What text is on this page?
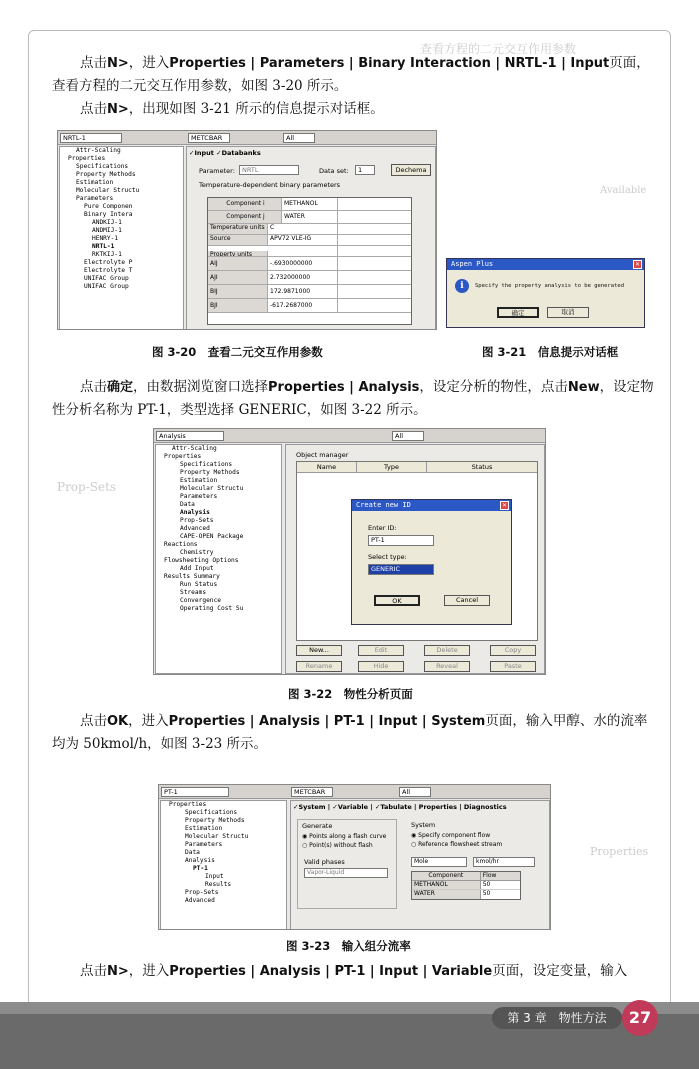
查看方程的二元交互作用参数
Available
Prop-Sets
Properties
点击N>，进入Properties | Parameters | Binary Interaction | NRTL-1 | Input页面，查看方程的二元交互作用参数，如图 3-20 所示。
点击N>，出现如图 3-21 所示的信息提示对话框。
NRTL-1	METCBAR	All
Attr-Scaling
Properties
Specifications
Property Methods
Estimation
Molecular Structu
Parameters
Pure Componen
Binary Intera
ANDKIJ-1
ANDMIJ-1
HENRY-1
NRTL-1
RKTKIJ-1
Electrolyte P
Electrolyte T
UNIFAC Group
UNIFAC Group
✓Input ✓Databanks
Parameter:	NRTL	Data set:	1	Dechema
Temperature-dependent binary parameters
Component i	METHANOL
Component j	WATER
Temperature units C
Source	APV72 VLE-IG
Property units
AIJ	-.6930000000
AJI	2.732000000
BIJ	172.9871000
BJI	-617.2687000
图 3-20　查看二元交互作用参数
Aspen Plus	✕
i	Specify the property analysis to be generated
确定	取消
图 3-21　信息提示对话框
点击确定，由数据浏览窗口选择Properties | Analysis，设定分析的物性，点击New，设定物性分析名称为 PT-1，类型选择 GENERIC，如图 3-22 所示。
Analysis	All
Attr-Scaling
Properties
Specifications
Property Methods
Estimation
Molecular Structu
Parameters
Data
Analysis
Prop-Sets
Advanced
CAPE-OPEN Package
Reactions
Chemistry
Flowsheeting Options
Add Input
Results Summary
Run Status
Streams
Convergence
Operating Cost Su
Object manager
Name	Type	Status
New...	Edit	Delete	Copy
Rename	Hide	Reveal	Paste
Create new ID	✕
Enter ID:
PT-1
Select type:
GENERIC
OK	Cancel
图 3-22　物性分析页面
点击OK，进入Properties | Analysis | PT-1 | Input | System页面，输入甲醇、水的流率均为 50kmol/h，如图 3-23 所示。
PT-1	METCBAR	All
Properties
Specifications
Property Methods
Estimation
Molecular Structu
Parameters
Data
Analysis
PT-1
Input
Results
Prop-Sets
Advanced
✓System | ✓Variable | ✓Tabulate | Properties | Diagnostics
Generate
◉ Points along a flash curve
○ Point(s) without flash
Valid phases
Vapor-Liquid
System
◉ Specify component flow
○ Reference flowsheet stream
Mole	kmol/hr
Component	Flow
METHANOL	50
WATER	50
图 3-23　输入组分流率
点击N>，进入Properties | Analysis | PT-1 | Input | Variable页面，设定变量，输入
第 3 章　物性方法	27
